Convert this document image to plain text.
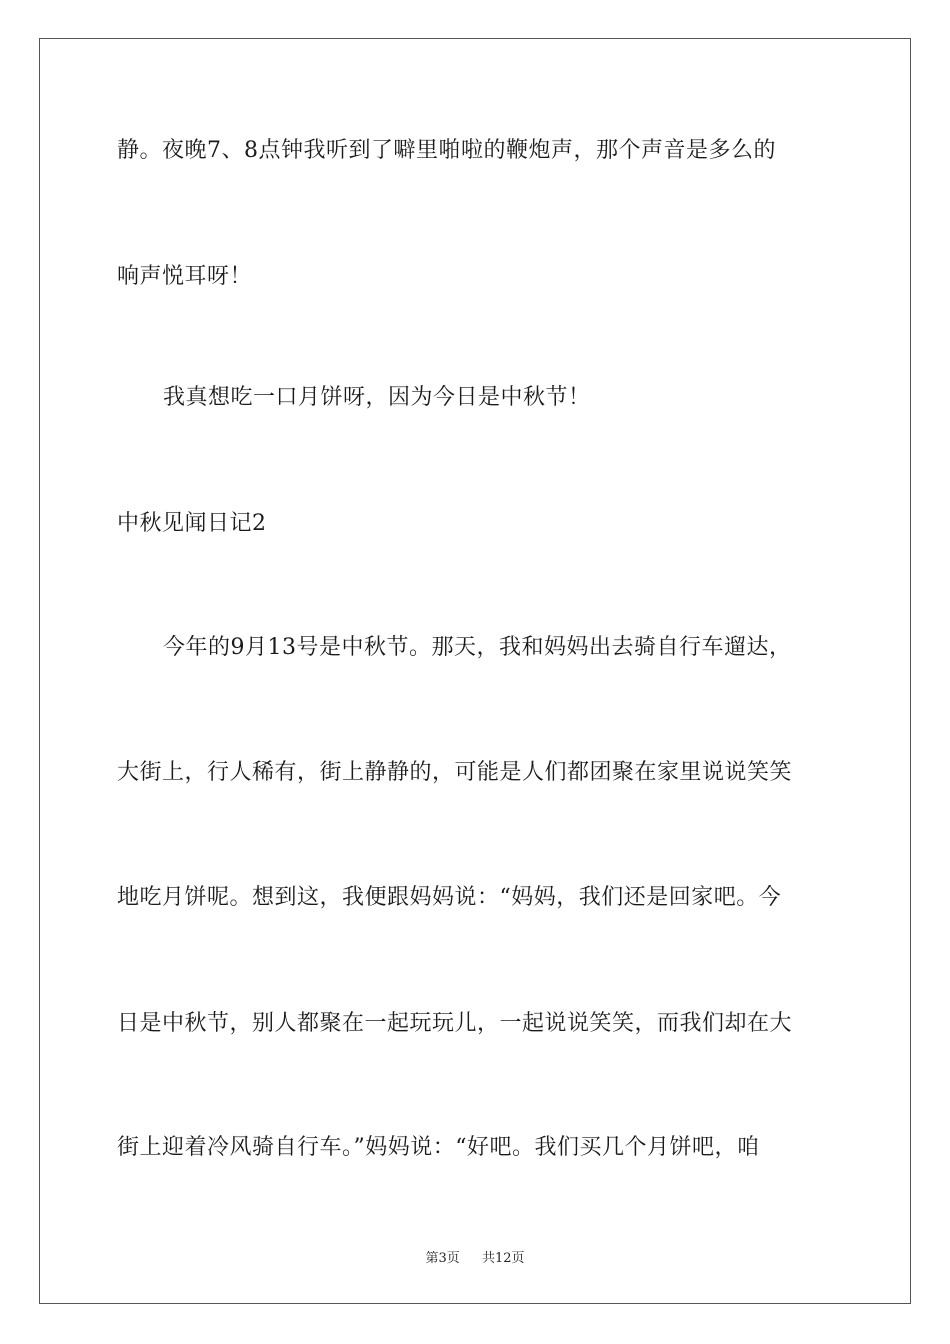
静。夜晚7、8点钟我听到了噼里啪啦的鞭炮声，那个声音是多么的
响声悦耳呀！
我真想吃一口月饼呀，因为今日是中秋节！
中秋见闻日记2
今年的9月13号是中秋节。那天，我和妈妈出去骑自行车遛达，
大街上，行人稀有，街上静静的，可能是人们都团聚在家里说说笑笑
地吃月饼呢。想到这，我便跟妈妈说：“妈妈，我们还是回家吧。今
日是中秋节，别人都聚在一起玩玩儿，一起说说笑笑，而我们却在大
街上迎着冷风骑自行车。”妈妈说：“好吧。我们买几个月饼吧，咱
第3页 共12页
